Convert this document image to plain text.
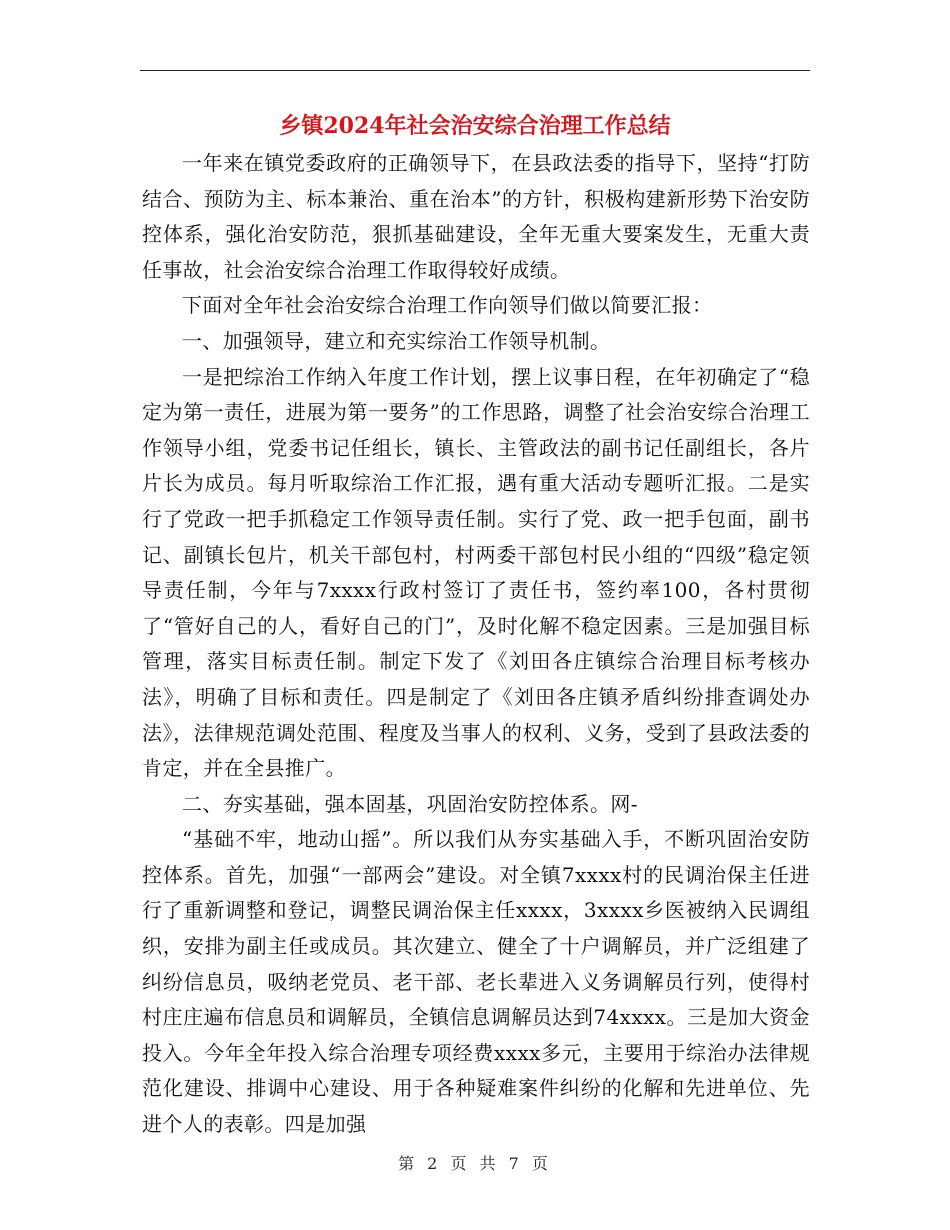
乡镇2024年社会治安综合治理工作总结

一年来在镇党委政府的正确领导下，在县政法委的指导下，坚持“打防结合、预防为主、标本兼治、重在治本”的方针，积极构建新形势下治安防控体系，强化治安防范，狠抓基础建设，全年无重大要案发生，无重大责任事故，社会治安综合治理工作取得较好成绩。

下面对全年社会治安综合治理工作向领导们做以简要汇报：

一、加强领导，建立和充实综治工作领导机制。

一是把综治工作纳入年度工作计划，摆上议事日程，在年初确定了“稳定为第一责任，进展为第一要务”的工作思路，调整了社会治安综合治理工作领导小组，党委书记任组长，镇长、主管政法的副书记任副组长，各片片长为成员。每月听取综治工作汇报，遇有重大活动专题听汇报。二是实行了党政一把手抓稳定工作领导责任制。实行了党、政一把手包面，副书记、副镇长包片，机关干部包村，村两委干部包村民小组的“四级”稳定领导责任制，今年与7xxxx行政村签订了责任书，签约率100，各村贯彻了“管好自己的人，看好自己的门”，及时化解不稳定因素。三是加强目标管理，落实目标责任制。制定下发了《刘田各庄镇综合治理目标考核办法》，明确了目标和责任。四是制定了《刘田各庄镇矛盾纠纷排查调处办法》，法律规范调处范围、程度及当事人的权利、义务，受到了县政法委的肯定，并在全县推广。

二、夯实基础，强本固基，巩固治安防控体系。网-

“基础不牢，地动山摇”。所以我们从夯实基础入手，不断巩固治安防控体系。首先，加强“一部两会”建设。对全镇7xxxx村的民调治保主任进行了重新调整和登记，调整民调治保主任xxxx，3xxxx乡医被纳入民调组织，安排为副主任或成员。其次建立、健全了十户调解员，并广泛组建了纠纷信息员，吸纳老党员、老干部、老长辈进入义务调解员行列，使得村村庄庄遍布信息员和调解员，全镇信息调解员达到74xxxx。三是加大资金投入。今年全年投入综合治理专项经费xxxx多元，主要用于综治办法律规范化建设、排调中心建设、用于各种疑难案件纠纷的化解和先进单位、先进个人的表彰。四是加强

第 2 页 共 7 页
